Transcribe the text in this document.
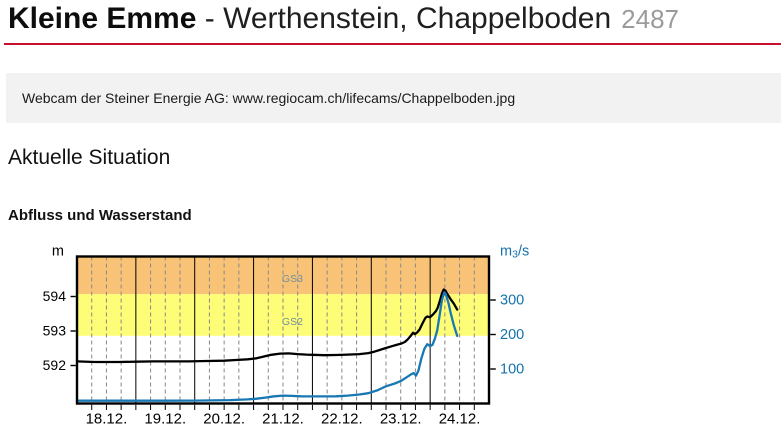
Kleine Emme - Werthenstein, Chappelboden 2487
Webcam der Steiner Energie AG: www.regiocam.ch/lifecams/Chappelboden.jpg
Aktuelle Situation
Abfluss und Wasserstand
GS3
GS2
592
593
594
100
200
300
18.12. 19.12. 20.12. 21.12. 22.12. 23.12. 24.12.
m	m3/s
